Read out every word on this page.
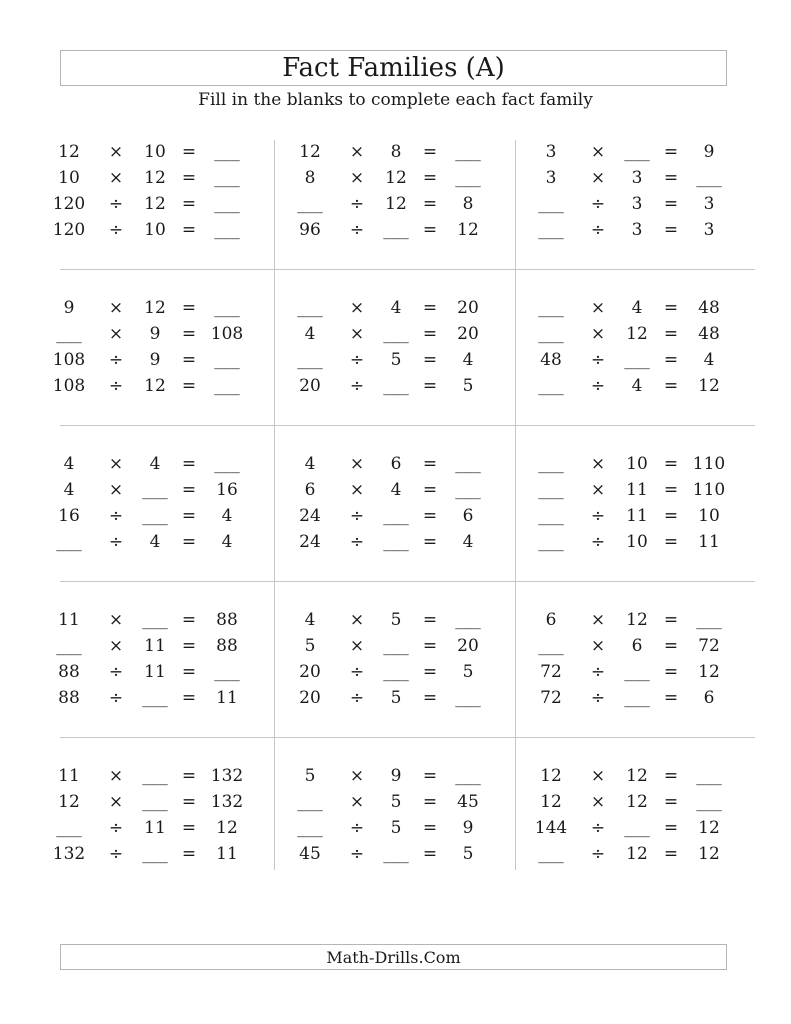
Fact Families (A)
Fill in the blanks to complete each fact family
12	×	10 =	___
10	×	12 =	___
120	÷	12 =	___
120	÷	10 =	___
12	×	8	=	___
8	×	12 =	___
___	÷	12 =	8
96	÷	___ =	12
3	×	___ =	9
3	×	3	=	___
___	÷	3	=	3
___	÷	3	=	3
9	×	12 =	___
___	×	9	= 108
108	÷	9	=	___
108	÷	12 =	___
___	×	4	=	20
4	×	___ =	20
___	÷	5	=	4
20	÷	___ =	5
___	×	4	=	48
___	×	12 =	48
48	÷	___ =	4
___	÷	4	=	12
4	×	4	=	___
4	×	___ =	16
16	÷	___ =	4
___	÷	4	=	4
4	×	6	=	___
6	×	4	=	___
24	÷	___ =	6
24	÷	___ =	4
___	×	10 = 110
___	×	11 = 110
___	÷	11 =	10
___	÷	10 =	11
11	×	___ =	88
___	×	11 =	88
88	÷	11 =	___
88	÷	___ =	11
4	×	5	=	___
5	×	___ =	20
20	÷	___ =	5
20	÷	5	=	___
6	×	12 =	___
___	×	6	=	72
72	÷	___ =	12
72	÷	___ =	6
11	×	___ = 132
12	×	___ = 132
___	÷	11 =	12
132	÷	___ =	11
5	×	9	=	___
___	×	5	=	45
___	÷	5	=	9
45	÷	___ =	5
12	×	12 =	___
12	×	12 =	___
144	÷	___ =	12
___	÷	12 =	12
Math-Drills.Com
